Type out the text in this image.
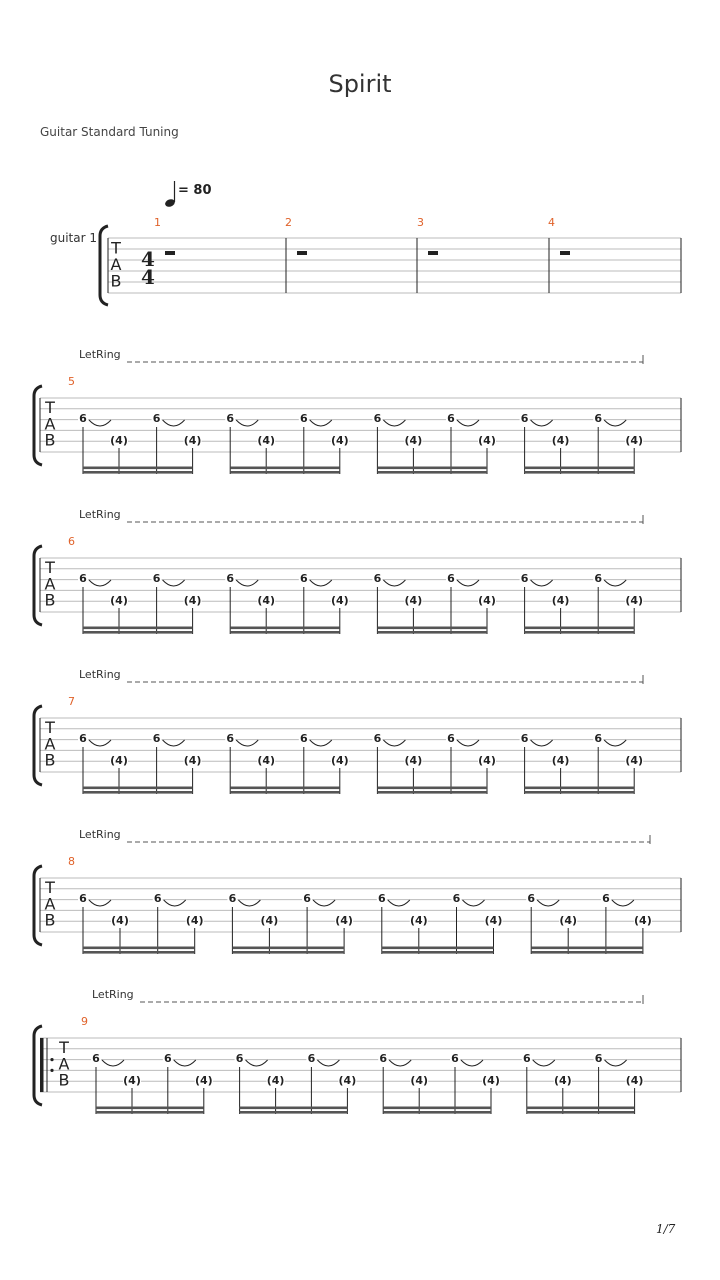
Spirit
Guitar Standard Tuning
= 80
guitar 1
T
A
B
4
4
1	2	3	4
LetRing
5
T
A
B
6
(4)
6
(4)
6
(4)
6
(4)
6
(4)
6
(4)
6
(4)
6
(4)
LetRing
6
T
A
B
6
(4)
6
(4)
6
(4)
6
(4)
6
(4)
6
(4)
6
(4)
6
(4)
LetRing
7
T
A
B
6
(4)
6
(4)
6
(4)
6
(4)
6
(4)
6
(4)
6
(4)
6
(4)
LetRing
8
T
A
B
6
(4)
6
(4)
6
(4)
6
(4)
6
(4)
6
(4)
6
(4)
6
(4)
LetRing
9
T
A
B
6
(4)
6
(4)
6
(4)
6
(4)
6
(4)
6
(4)
6
(4)
6
(4)
1/7
